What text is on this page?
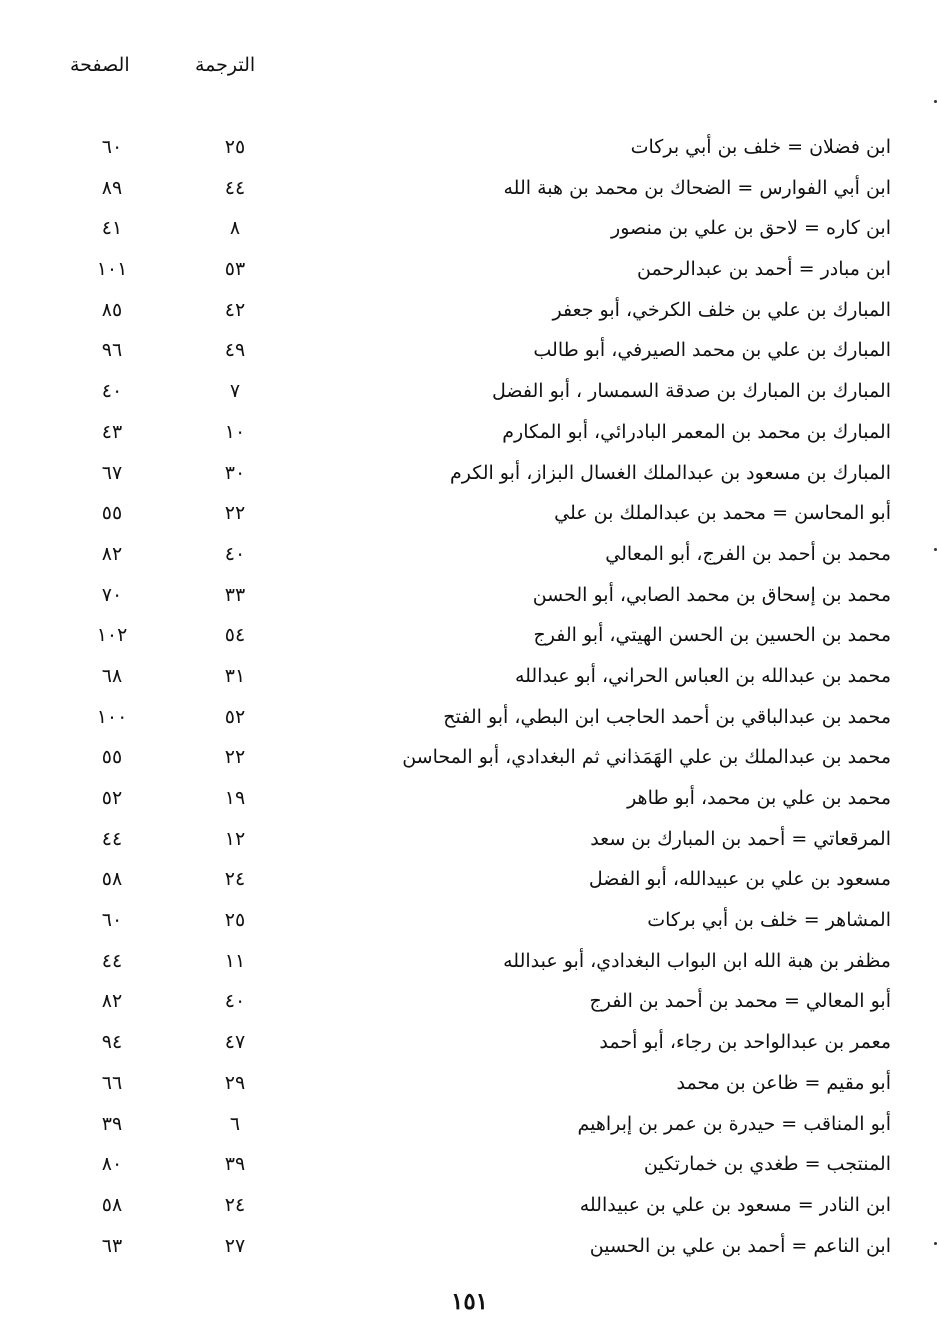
الصفحة	الترجمة
ابن فضلان = خلف بن أبي بركات
٢٥
٦٠
ابن أبي الفوارس = الضحاك بن محمد بن هبة الله
٤٤
٨٩
ابن كاره = لاحق بن علي بن منصور
٨
٤١
ابن مبادر = أحمد بن عبدالرحمن
٥٣
١٠١
المبارك بن علي بن خلف الكرخي، أبو جعفر
٤٢
٨٥
المبارك بن علي بن محمد الصيرفي، أبو طالب
٤٩
٩٦
المبارك بن المبارك بن صدقة السمسار ، أبو الفضل
٧
٤٠
المبارك بن محمد بن المعمر البادرائي، أبو المكارم
١٠
٤٣
المبارك بن مسعود بن عبدالملك الغسال البزاز، أبو الكرم
٣٠
٦٧
أبو المحاسن = محمد بن عبدالملك بن علي
٢٢
٥٥
محمد بن أحمد بن الفرج، أبو المعالي
٤٠
٨٢
محمد بن إسحاق بن محمد الصابي، أبو الحسن
٣٣
٧٠
محمد بن الحسين بن الحسن الهيتي، أبو الفرج
٥٤
١٠٢
محمد بن عبدالله بن العباس الحراني، أبو عبدالله
٣١
٦٨
محمد بن عبدالباقي بن أحمد الحاجب ابن البطي، أبو الفتح
٥٢
١٠٠
محمد بن عبدالملك بن علي الهَمَذاني ثم البغدادي، أبو المحاسن
٢٢
٥٥
محمد بن علي بن محمد، أبو طاهر
١٩
٥٢
المرقعاتي = أحمد بن المبارك بن سعد
١٢
٤٤
مسعود بن علي بن عبيدالله، أبو الفضل
٢٤
٥٨
المشاهر = خلف بن أبي بركات
٢٥
٦٠
مظفر بن هبة الله ابن البواب البغدادي، أبو عبدالله
١١
٤٤
أبو المعالي = محمد بن أحمد بن الفرج
٤٠
٨٢
معمر بن عبدالواحد بن رجاء، أبو أحمد
٤٧
٩٤
أبو مقيم = ظاعن بن محمد
٢٩
٦٦
أبو المناقب = حيدرة بن عمر بن إبراهيم
٦
٣٩
المنتجب = طغدي بن خمارتكين
٣٩
٨٠
ابن النادر = مسعود بن علي بن عبيدالله
٢٤
٥٨
ابن الناعم = أحمد بن علي بن الحسين
٢٧
٦٣
١٥١
